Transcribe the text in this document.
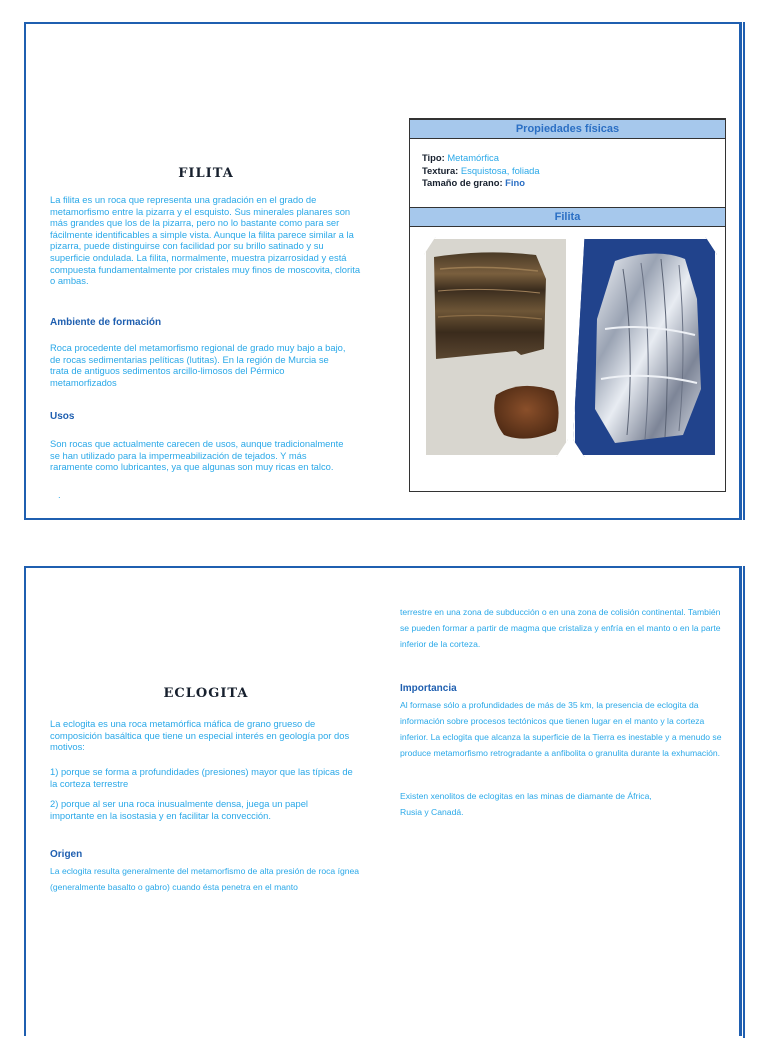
FILITA
La filita es un roca que representa una gradación en el grado de metamorfismo entre la pizarra y el esquisto. Sus minerales planares son más grandes que los de la pizarra, pero no lo bastante como para ser fácilmente identificables a simple vista. Aunque la filita parece similar a la pizarra, puede distinguirse con facilidad por su brillo satinado y su superficie ondulada. La filita, normalmente, muestra pizarrosidad y está compuesta fundamentalmente por cristales muy finos de moscovita, clorita o ambas.
Ambiente de formación
Roca procedente del metamorfismo regional de grado muy bajo a bajo, de rocas sedimentarias pelíticas (lutitas). En la región de Murcia se trata de antiguos sedimentos arcillo-limosos del Pérmico metamorfizados
Usos
Son rocas que actualmente carecen de usos, aunque tradicionalmente se han utilizado para la impermeabilización de tejados. Y más raramente como lubricantes, ya que algunas son muy ricas en talco.
.
Propiedades físicas
Tipo: Metamórfica
Textura: Esquistosa, foliada
Tamaño de grano: Fino
Filita
ECLOGITA
La eclogita es una roca metamórfica máfica de grano grueso de composición basáltica que tiene un especial interés en geología por dos motivos:
1) porque se forma a profundidades (presiones) mayor que las típicas de la corteza terrestre
2) porque al ser una roca inusualmente densa, juega un papel importante en la isostasia y en facilitar la convección.
Origen
La eclogita resulta generalmente del metamorfismo de alta presión de roca ígnea (generalmente basalto o gabro) cuando ésta penetra en el manto
terrestre en una zona de subducción o en una zona de colisión continental. También se pueden formar a partir de magma que cristaliza y enfría en el manto o en la parte inferior de la corteza.
Importancia
Al formase sólo a profundidades de más de 35 km, la presencia de eclogita da información sobre procesos tectónicos que tienen lugar en el manto y la corteza inferior. La eclogita que alcanza la superficie de la Tierra es inestable y a menudo se produce metamorfismo retrogradante a anfibolita o granulita durante la exhumación.
Existen xenolitos de eclogitas en las minas de diamante de África, Rusia y Canadá.
